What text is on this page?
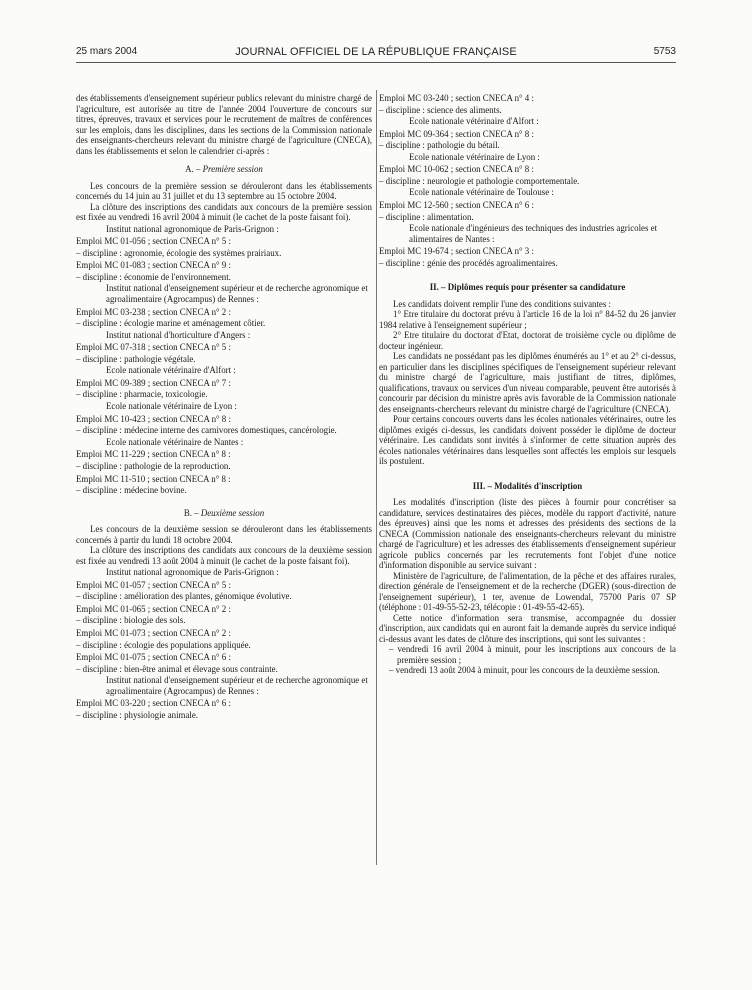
25 mars 2004	JOURNAL OFFICIEL DE LA RÉPUBLIQUE FRANÇAISE	5753

des établissements d'enseignement supérieur publics relevant du ministre chargé de l'agriculture, est autorisée au titre de l'année 2004 l'ouverture de concours sur titres, épreuves, travaux et services pour le recrutement de maîtres de conférences sur les emplois, dans les disciplines, dans les sections de la Commission nationale des enseignants-chercheurs relevant du ministre chargé de l'agriculture (CNECA), dans les établissements et selon le calendrier ci-après :

A. – Première session

Les concours de la première session se dérouleront dans les établissements concernés du 14 juin au 31 juillet et du 13 septembre au 15 octobre 2004.

La clôture des inscriptions des candidats aux concours de la première session est fixée au vendredi 16 avril 2004 à minuit (le cachet de la poste faisant foi).

Institut national agronomique de Paris-Grignon :

Emploi MC 01-056 ; section CNECA n° 5 :

– discipline : agronomie, écologie des systèmes prairiaux.

Emploi MC 01-083 ; section CNECA n° 9 :

– discipline : économie de l'environnement.

Institut national d'enseignement supérieur et de recherche agronomique et agroalimentaire (Agrocampus) de Rennes :

Emploi MC 03-238 ; section CNECA n° 2 :

– discipline : écologie marine et aménagement côtier.

Institut national d'horticulture d'Angers :

Emploi MC 07-318 ; section CNECA n° 5 :

– discipline : pathologie végétale.

Ecole nationale vétérinaire d'Alfort :

Emploi MC 09-389 ; section CNECA n° 7 :

– discipline : pharmacie, toxicologie.

Ecole nationale vétérinaire de Lyon :

Emploi MC 10-423 ; section CNECA n° 8 :

– discipline : médecine interne des carnivores domestiques, cancérologie.

Ecole nationale vétérinaire de Nantes :

Emploi MC 11-229 ; section CNECA n° 8 :

– discipline : pathologie de la reproduction.

Emploi MC 11-510 ; section CNECA n° 8 :

– discipline : médecine bovine.

B. – Deuxième session

Les concours de la deuxième session se dérouleront dans les établissements concernés à partir du lundi 18 octobre 2004.

La clôture des inscriptions des candidats aux concours de la deuxième session est fixée au vendredi 13 août 2004 à minuit (le cachet de la poste faisant foi).

Institut national agronomique de Paris-Grignon :

Emploi MC 01-057 ; section CNECA n° 5 :

– discipline : amélioration des plantes, génomique évolutive.

Emploi MC 01-065 ; section CNECA n° 2 :

– discipline : biologie des sols.

Emploi MC 01-073 ; section CNECA n° 2 :

– discipline : écologie des populations appliquée.

Emploi MC 01-075 ; section CNECA n° 6 :

– discipline : bien-être animal et élevage sous contrainte.

Institut national d'enseignement supérieur et de recherche agronomique et agroalimentaire (Agrocampus) de Rennes :

Emploi MC 03-220 ; section CNECA n° 6 :

– discipline : physiologie animale.

Emploi MC 03-240 ; section CNECA n° 4 :

– discipline : science des aliments.

Ecole nationale vétérinaire d'Alfort :

Emploi MC 09-364 ; section CNECA n° 8 :

– discipline : pathologie du bétail.

Ecole nationale vétérinaire de Lyon :

Emploi MC 10-062 ; section CNECA n° 8 :

– discipline : neurologie et pathologie comportementale.

Ecole nationale vétérinaire de Toulouse :

Emploi MC 12-560 ; section CNECA n° 6 :

– discipline : alimentation.

Ecole nationale d'ingénieurs des techniques des industries agricoles et alimentaires de Nantes :

Emploi MC 19-674 ; section CNECA n° 3 :

– discipline : génie des procédés agroalimentaires.

II. – Diplômes requis pour présenter sa candidature

Les candidats doivent remplir l'une des conditions suivantes :

1° Etre titulaire du doctorat prévu à l'article 16 de la loi n° 84-52 du 26 janvier 1984 relative à l'enseignement supérieur ;

2° Etre titulaire du doctorat d'Etat, doctorat de troisième cycle ou diplôme de docteur ingénieur.

Les candidats ne possédant pas les diplômes énumérés au 1° et au 2° ci-dessus, en particulier dans les disciplines spécifiques de l'enseignement supérieur relevant du ministre chargé de l'agriculture, mais justifiant de titres, diplômes, qualifications, travaux ou services d'un niveau comparable, peuvent être autorisés à concourir par décision du ministre après avis favorable de la Commission nationale des enseignants-chercheurs relevant du ministre chargé de l'agriculture (CNECA).

Pour certains concours ouverts dans les écoles nationales vétérinaires, outre les diplômes exigés ci-dessus, les candidats doivent posséder le diplôme de docteur vétérinaire. Les candidats sont invités à s'informer de cette situation auprès des écoles nationales vétérinaires dans lesquelles sont affectés les emplois sur lesquels ils postulent.

III. – Modalités d'inscription

Les modalités d'inscription (liste des pièces à fournir pour concrétiser sa candidature, services destinataires des pièces, modèle du rapport d'activité, nature des épreuves) ainsi que les noms et adresses des présidents des sections de la CNECA (Commission nationale des enseignants-chercheurs relevant du ministre chargé de l'agriculture) et les adresses des établissements d'enseignement supérieur agricole publics concernés par les recrutements font l'objet d'une notice d'information disponible au service suivant :

Ministère de l'agriculture, de l'alimentation, de la pêche et des affaires rurales, direction générale de l'enseignement et de la recherche (DGER) (sous-direction de l'enseignement supérieur), 1 ter, avenue de Lowendal, 75700 Paris 07 SP (téléphone : 01-49-55-52-23, télécopie : 01-49-55-42-65).

Cette notice d'information sera transmise, accompagnée du dossier d'inscription, aux candidats qui en auront fait la demande auprès du service indiqué ci-dessus avant les dates de clôture des inscriptions, qui sont les suivantes :

– vendredi 16 avril 2004 à minuit, pour les inscriptions aux concours de la première session ;

– vendredi 13 août 2004 à minuit, pour les concours de la deuxième session.
